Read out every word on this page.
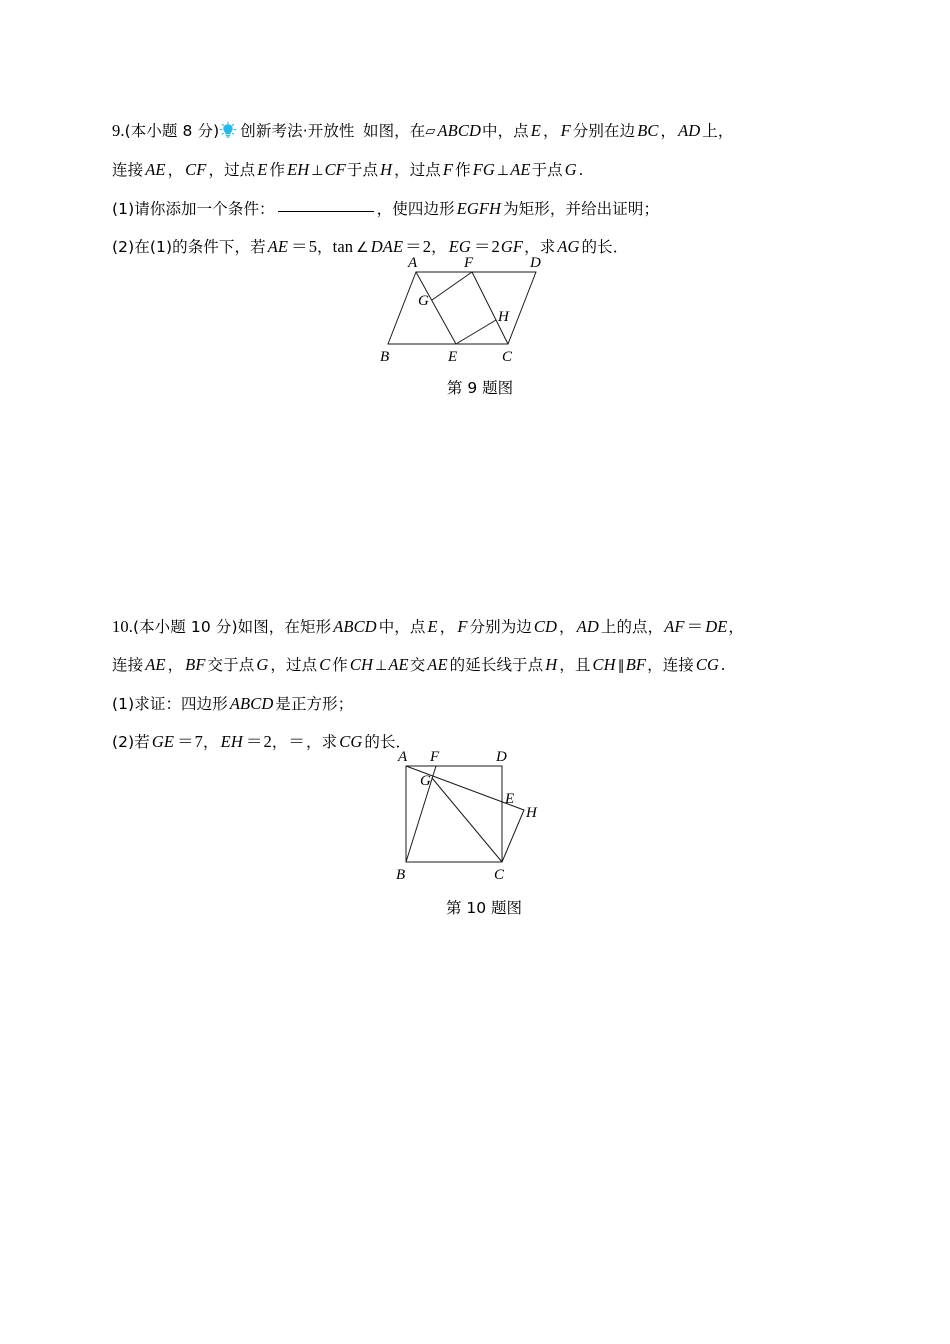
9.(本小题 8 分) 创新考法·开放性 如图，在▱ ABCD中，点 E ， F 分别在边 BC ， AD 上，
连接 AE ， CF ，过点 E 作 EH ⊥CF于点 H ，过点 F 作 FG ⊥AE于点 G .
(1)请你添加一个条件：	，使四边形 EGFH 为矩形，并给出证明；
(2)在(1)的条件下，若 AE ＝5，tan ∠ DAE ＝2， EG ＝2GF，求 AG 的长．
A	F	D
G
H
B	E	C
第 9 题图
10.(本小题 10 分)如图，在矩形 ABCD 中，点 E ， F 分别为边 CD ， AD 上的点，AF ＝ DE，
连接 AE ， BF 交于点 G ，过点 C 作 CH ⊥AE交 AE 的延长线于点 H ，且 CH ∥BF，连接 CG .
(1)求证：四边形 ABCD 是正方形；
(2)若 GE ＝7， EH ＝2，＝，求 CG 的长．
A F	D
G
E
H
B	C
第 10 题图
